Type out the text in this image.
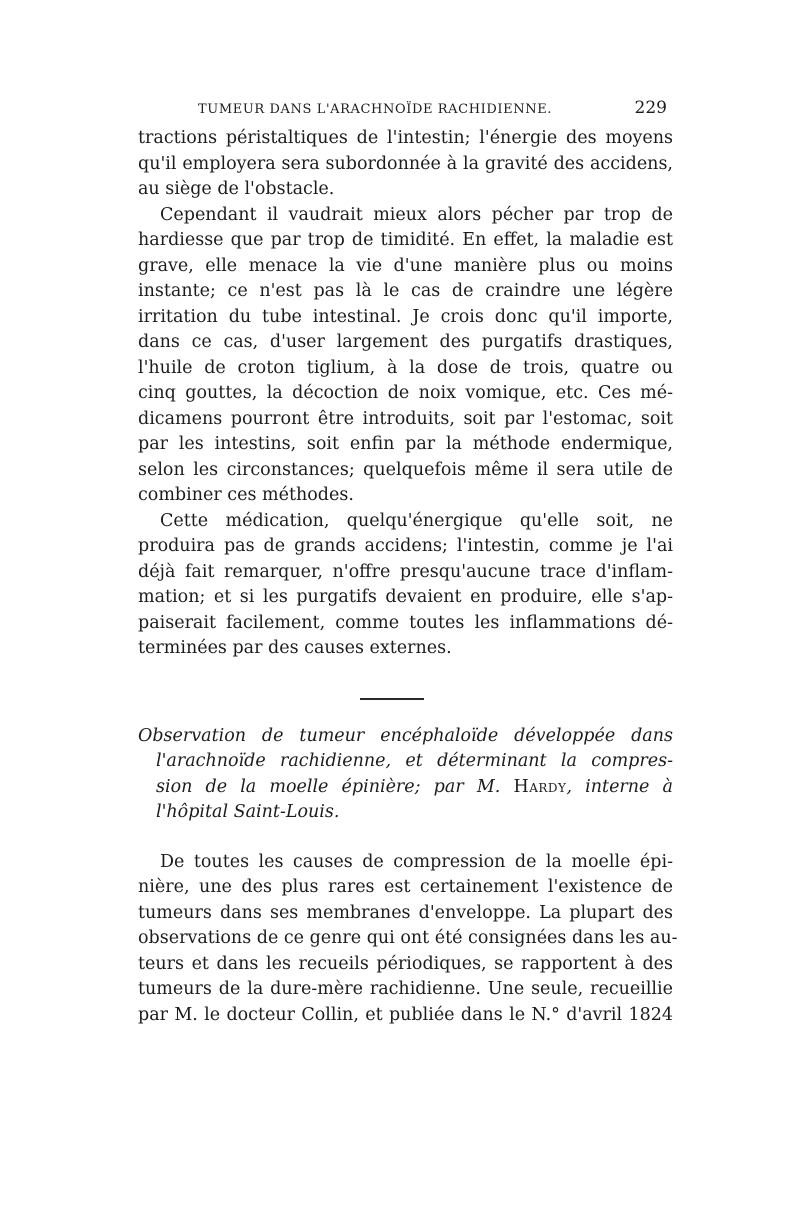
TUMEUR DANS L'ARACHNOÏDE RACHIDIENNE.	229
tractions péristaltiques de l'intestin; l'énergie des moyens
qu'il employera sera subordonnée à la gravité des accidens,
au siège de l'obstacle.
Cependant il vaudrait mieux alors pécher par trop de
hardiesse que par trop de timidité. En effet, la maladie est
grave, elle menace la vie d'une manière plus ou moins
instante; ce n'est pas là le cas de craindre une légère
irritation du tube intestinal. Je crois donc qu'il importe,
dans ce cas, d'user largement des purgatifs drastiques,
l'huile de croton tiglium, à la dose de trois, quatre ou
cinq gouttes, la décoction de noix vomique, etc. Ces mé-
dicamens pourront être introduits, soit par l'estomac, soit
par les intestins, soit enfin par la méthode endermique,
selon les circonstances; quelquefois même il sera utile de
combiner ces méthodes.
Cette médication, quelqu'énergique qu'elle soit, ne
produira pas de grands accidens; l'intestin, comme je l'ai
déjà fait remarquer, n'offre presqu'aucune trace d'inflam-
mation; et si les purgatifs devaient en produire, elle s'ap-
paiserait facilement, comme toutes les inflammations dé-
terminées par des causes externes.
Observation de tumeur encéphaloïde développée dans
l'arachnoïde rachidienne, et déterminant la compres-
sion de la moelle épinière; par M. Hardy, interne à
l'hôpital Saint-Louis.
De toutes les causes de compression de la moelle épi-
nière, une des plus rares est certainement l'existence de
tumeurs dans ses membranes d'enveloppe. La plupart des
observations de ce genre qui ont été consignées dans les au-
teurs et dans les recueils périodiques, se rapportent à des
tumeurs de la dure-mère rachidienne. Une seule, recueillie
par M. le docteur Collin, et publiée dans le N.° d'avril 1824
